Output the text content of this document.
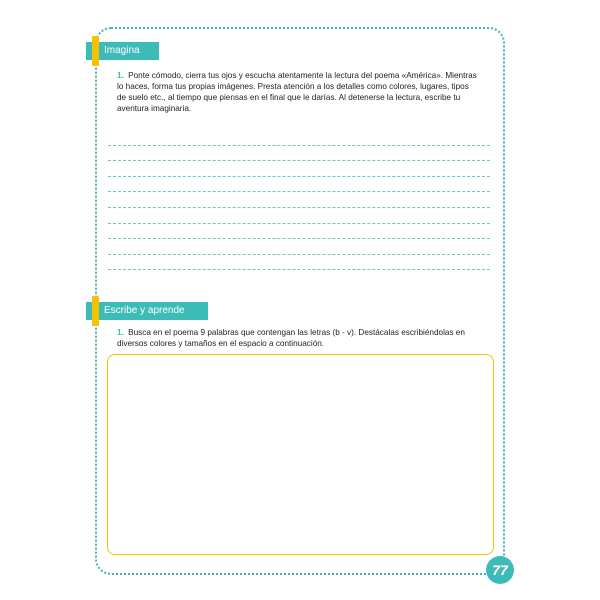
Imagina
1. Ponte cómodo, cierra tus ojos y escucha atentamente la lectura del poema «América». Mientras lo haces, forma tus propias imágenes. Presta atención a los detalles como colores, lugares, tipos de suelo etc., al tiempo que piensas en el final que le darías. Al detenerse la lectura, escribe tu aventura imaginaria.
Escribe y aprende
1. Busca en el poema 9 palabras que contengan las letras (b - v). Destácalas escribiéndolas en diversos colores y tamaños en el espacio a continuación.
77
